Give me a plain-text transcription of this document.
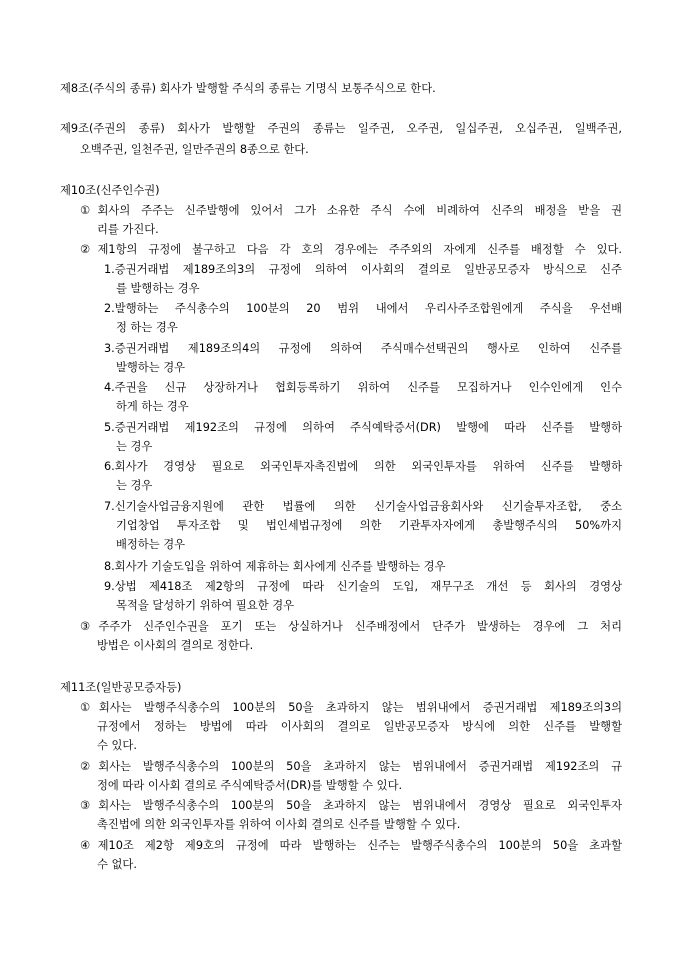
제8조(주식의 종류) 회사가 발행할 주식의 종류는 기명식 보통주식으로 한다.
제9조(주권의 종류) 회사가 발행할 주권의 종류는 일주권, 오주권, 일십주권, 오십주권, 일백주권,
오백주권, 일천주권, 일만주권의 8종으로 한다.
제10조(신주인수권)
①회사의 주주는 신주발행에 있어서 그가 소유한 주식 수에 비례하여 신주의 배정을 받을 권
리를 가진다.
②제1항의 규정에 불구하고 다음 각 호의 경우에는 주주외의 자에게 신주를 배정할 수 있다.
1.증권거래법 제189조의3의 규정에 의하여 이사회의 결의로 일반공모증자 방식으로 신주
를 발행하는 경우
2.발행하는 주식총수의 100분의 20 범위 내에서 우리사주조합원에게 주식을 우선배
정 하는 경우
3.증권거래법 제189조의4의 규정에 의하여 주식매수선택권의 행사로 인하여 신주를
발행하는 경우
4.주권을 신규 상장하거나 협회등록하기 위하여 신주를 모집하거나 인수인에게 인수
하게 하는 경우
5.증권거래법 제192조의 규정에 의하여 주식예탁증서(DR) 발행에 따라 신주를 발행하
는 경우
6.회사가 경영상 필요로 외국인투자촉진법에 의한 외국인투자를 위하여 신주를 발행하
는 경우
7.신기술사업금융지원에 관한 법률에 의한 신기술사업금융회사와 신기술투자조합, 중소
기업창업 투자조합 및 법인세법규정에 의한 기관투자자에게 총발행주식의 50%까지
배정하는 경우
8.회사가 기술도입을 위하여 제휴하는 회사에게 신주를 발행하는 경우
9.상법 제418조 제2항의 규정에 따라 신기술의 도입, 재무구조 개선 등 회사의 경영상
목적을 달성하기 위하여 필요한 경우
③주주가 신주인수권을 포기 또는 상실하거나 신주배정에서 단주가 발생하는 경우에 그 처리
방법은 이사회의 결의로 정한다.
제11조(일반공모증자등)
①회사는 발행주식총수의 100분의 50을 초과하지 않는 범위내에서 증권거래법 제189조의3의
규정에서 정하는 방법에 따라 이사회의 결의로 일반공모증자 방식에 의한 신주를 발행할
수 있다.
②회사는 발행주식총수의 100분의 50을 초과하지 않는 범위내에서 증권거래법 제192조의 규
정에 따라 이사회 결의로 주식예탁증서(DR)를 발행할 수 있다.
③회사는 발행주식총수의 100분의 50을 초과하지 않는 범위내에서 경영상 필요로 외국인투자
촉진법에 의한 외국인투자를 위하여 이사회 결의로 신주를 발행할 수 있다.
④제10조 제2항 제9호의 규정에 따라 발행하는 신주는 발행주식총수의 100분의 50을 초과할
수 없다.
